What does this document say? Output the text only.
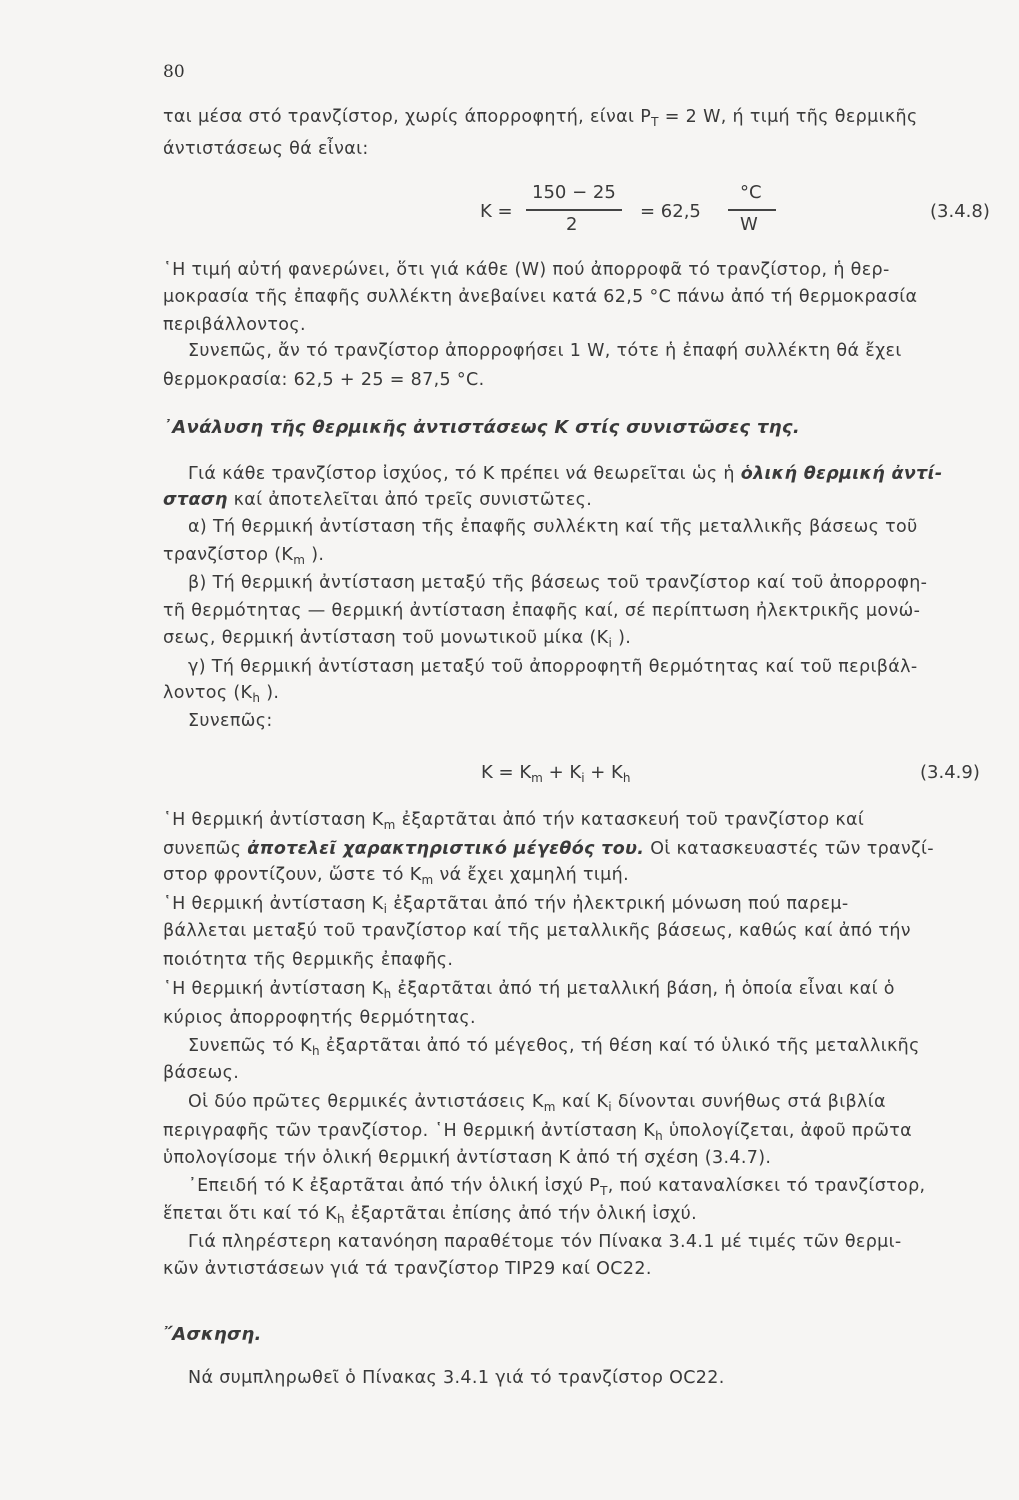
80
ται μέσα στό τρανζίστορ, χωρίς άπορροφητή, είναι $P_T = 2$ W, ή τιμή τῆς θερμικῆς
άντιστάσεως θά εἶναι:
K =
150 − 25
2
= 62,5
°C
W
(3.4.8)
῾Η τιμή αὐτή φανερώνει, ὅτι γιά κάθε (W) πού ἀπορροφᾶ τό τρανζίστορ, ἡ θερ-
μοκρασία τῆς ἐπαφῆς συλλέκτη ἀνεβαίνει κατά 62,5 °C πάνω ἀπό τή θερμοκρασία
περιβάλλοντος.
Συνεπῶς, ἄν τό τρανζίστορ ἀπορροφήσει 1 W, τότε ἡ ἐπαφή συλλέκτη θά ἔχει
θερμοκρασία: 62,5 + 25 = 87,5 °C.
᾿Ανάλυση τῆς θερμικῆς ἀντιστάσεως K στίς συνιστῶσες της.
Γιά κάθε τρανζίστορ ἰσχύος, τό K πρέπει νά θεωρεῖται ὡς ἡ ὁλική θερμική ἀντί-
σταση καί ἀποτελεῖται ἀπό τρεῖς συνιστῶτες.
α) Τή θερμική ἀντίσταση τῆς ἐπαφῆς συλλέκτη καί τῆς μεταλλικῆς βάσεως τοῦ
τρανζίστορ ($K_m$ ).
β) Τή θερμική ἀντίσταση μεταξύ τῆς βάσεως τοῦ τρανζίστορ καί τοῦ ἀπορροφη-
τῆ θερμότητας — θερμική ἀντίσταση ἐπαφῆς καί, σέ περίπτωση ἠλεκτρικῆς μονώ-
σεως, θερμική ἀντίσταση τοῦ μονωτικοῦ μίκα ($K_i$ ).
γ) Τή θερμική ἀντίσταση μεταξύ τοῦ ἀπορροφητῆ θερμότητας καί τοῦ περιβάλ-
λοντος ($K_h$ ).
Συνεπῶς:
$K = K_m + K_i + K_h$	(3.4.9)
῾Η θερμική ἀντίσταση $K_m$ ἐξαρτᾶται ἀπό τήν κατασκευή τοῦ τρανζίστορ καί
συνεπῶς ἀποτελεῖ χαρακτηριστικό μέγεθός του. Οἱ κατασκευαστές τῶν τρανζί-
στορ φροντίζουν, ὥστε τό $K_m$ νά ἔχει χαμηλή τιμή.
῾Η θερμική ἀντίσταση $K_i$ ἐξαρτᾶται ἀπό τήν ἠλεκτρική μόνωση πού παρεμ-
βάλλεται μεταξύ τοῦ τρανζίστορ καί τῆς μεταλλικῆς βάσεως, καθώς καί ἀπό τήν
ποιότητα τῆς θερμικῆς ἐπαφῆς.
῾Η θερμική ἀντίσταση $K_h$ ἐξαρτᾶται ἀπό τή μεταλλική βάση, ἡ ὁποία εἶναι καί ὁ
κύριος ἀπορροφητής θερμότητας.
Συνεπῶς τό $K_h$ ἐξαρτᾶται ἀπό τό μέγεθος, τή θέση καί τό ὑλικό τῆς μεταλλικῆς
βάσεως.
Οἱ δύο πρῶτες θερμικές ἀντιστάσεις $K_m$ καί $K_i$ δίνονται συνήθως στά βιβλία
περιγραφῆς τῶν τρανζίστορ. ῾Η θερμική ἀντίσταση $K_h$ ὑπολογίζεται, ἀφοῦ πρῶτα
ὑπολογίσομε τήν ὁλική θερμική ἀντίσταση K ἀπό τή σχέση (3.4.7).
᾿Επειδή τό K ἐξαρτᾶται ἀπό τήν ὁλική ἰσχύ $P_T$, πού καταναλίσκει τό τρανζίστορ,
ἕπεται ὅτι καί τό $K_h$ ἐξαρτᾶται ἐπίσης ἀπό τήν ὁλική ἰσχύ.
Γιά πληρέστερη κατανόηση παραθέτομε τόν Πίνακα 3.4.1 μέ τιμές τῶν θερμι-
κῶν ἀντιστάσεων γιά τά τρανζίστορ TIP29 καί OC22.
῎Ασκηση.
Νά συμπληρωθεῖ ὁ Πίνακας 3.4.1 γιά τό τρανζίστορ OC22.
